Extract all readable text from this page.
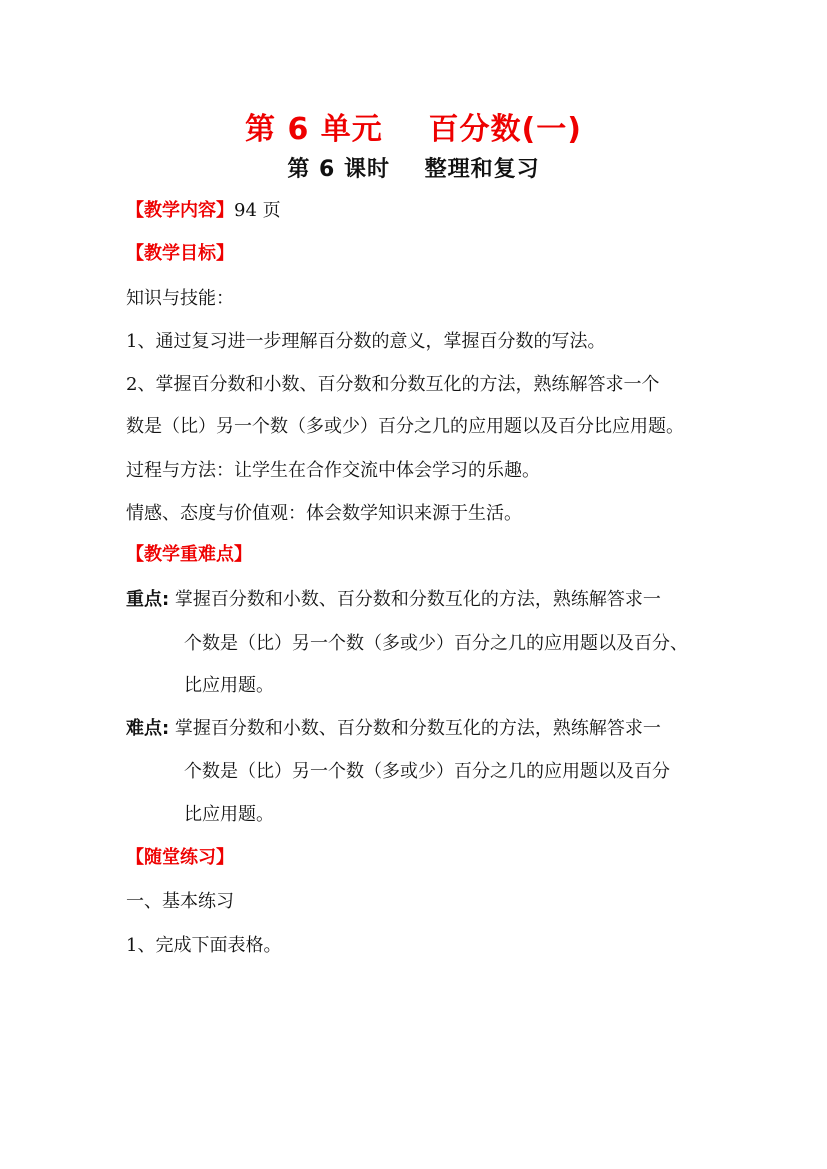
第 6 单元    百分数(一)
第 6 课时    整理和复习
【教学内容】94 页
【教学目标】
知识与技能：
1、通过复习进一步理解百分数的意义，掌握百分数的写法。
2、掌握百分数和小数、百分数和分数互化的方法，熟练解答求一个
数是（比）另一个数（多或少）百分之几的应用题以及百分比应用题。
过程与方法：让学生在合作交流中体会学习的乐趣。
情感、态度与价值观：体会数学知识来源于生活。
【教学重难点】
重点: 掌握百分数和小数、百分数和分数互化的方法，熟练解答求一
个数是（比）另一个数（多或少）百分之几的应用题以及百分、
比应用题。
难点: 掌握百分数和小数、百分数和分数互化的方法，熟练解答求一
个数是（比）另一个数（多或少）百分之几的应用题以及百分
比应用题。
【随堂练习】
一、基本练习
1、完成下面表格。
